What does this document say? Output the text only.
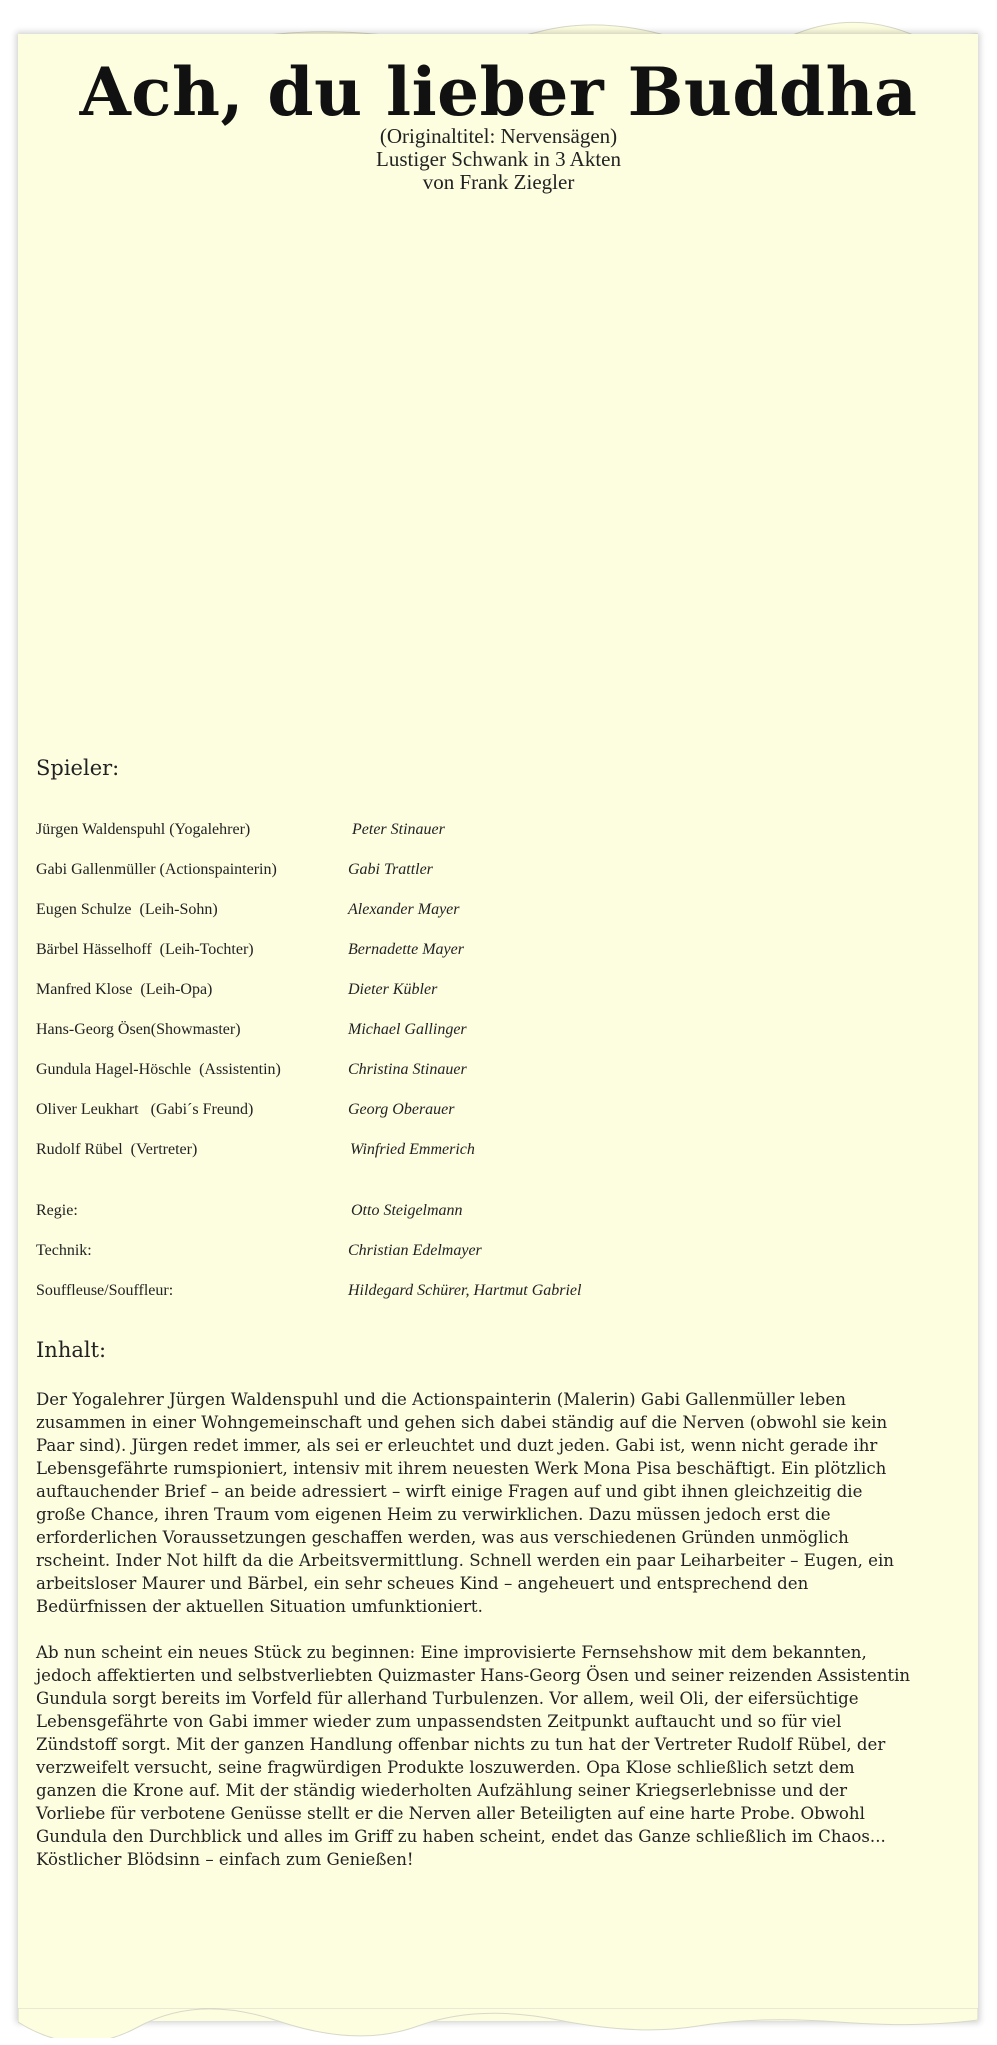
Ach, du lieber Buddha
(Originaltitel: Nervensägen)
Lustiger Schwank in 3 Akten
von Frank Ziegler
Spieler:
Jürgen Waldenspuhl (Yogalehrer)	Peter Stinauer
Gabi Gallenmüller (Actionspainterin)	Gabi Trattler
Eugen Schulze  (Leih-Sohn)	Alexander Mayer
Bärbel Hässelhoff  (Leih-Tochter)	Bernadette Mayer
Manfred Klose  (Leih-Opa)	Dieter Kübler
Hans-Georg Ösen(Showmaster)	Michael Gallinger
Gundula Hagel-Höschle  (Assistentin)	Christina Stinauer
Oliver Leukhart   (Gabi´s Freund)	Georg Oberauer
Rudolf Rübel  (Vertreter)	Winfried Emmerich
Regie:	Otto Steigelmann
Technik:	Christian Edelmayer
Souffleuse/Souffleur:	Hildegard Schürer, Hartmut Gabriel
Inhalt:

Der Yogalehrer Jürgen Waldenspuhl und die Actionspainterin (Malerin) Gabi Gallenmüller leben zusammen in einer Wohngemeinschaft und gehen sich dabei ständig auf die Nerven (obwohl sie kein Paar sind). Jürgen redet immer, als sei er erleuchtet und duzt jeden. Gabi ist, wenn nicht gerade ihr Lebensgefährte rumspioniert, intensiv mit ihrem neuesten Werk Mona Pisa beschäftigt. Ein plötzlich auftauchender Brief – an beide adressiert – wirft einige Fragen auf und gibt ihnen gleichzeitig die große Chance, ihren Traum vom eigenen Heim zu verwirklichen. Dazu müssen jedoch erst die erforderlichen Voraussetzungen geschaffen werden, was aus verschiedenen Gründen unmöglich rscheint. Inder Not hilft da die Arbeitsvermittlung. Schnell werden ein paar Leiharbeiter – Eugen, ein arbeitsloser Maurer und Bärbel, ein sehr scheues Kind – angeheuert und entsprechend den Bedürfnissen der aktuellen Situation umfunktioniert.

Ab nun scheint ein neues Stück zu beginnen: Eine improvisierte Fernsehshow mit dem bekannten, jedoch affektierten und selbstverliebten Quizmaster Hans-Georg Ösen und seiner reizenden Assistentin Gundula sorgt bereits im Vorfeld für allerhand Turbulenzen. Vor allem, weil Oli, der eifersüchtige Lebensgefährte von Gabi immer wieder zum unpassendsten Zeitpunkt auftaucht und so für viel Zündstoff sorgt. Mit der ganzen Handlung offenbar nichts zu tun hat der Vertreter Rudolf Rübel, der verzweifelt versucht, seine fragwürdigen Produkte loszuwerden. Opa Klose schließlich setzt dem ganzen die Krone auf. Mit der ständig wiederholten Aufzählung seiner Kriegserlebnisse und der Vorliebe für verbotene Genüsse stellt er die Nerven aller Beteiligten auf eine harte Probe. Obwohl Gundula den Durchblick und alles im Griff zu haben scheint, endet das Ganze schließlich im Chaos... Köstlicher Blödsinn – einfach zum Genießen!
